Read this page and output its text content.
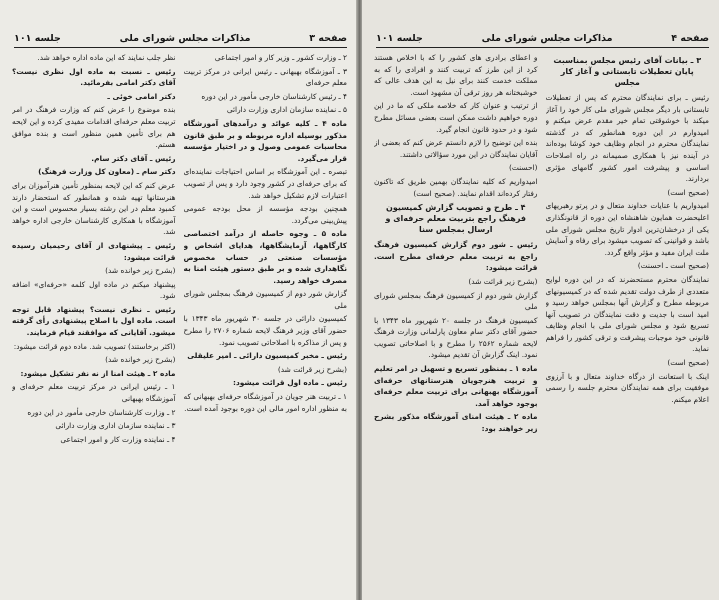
صفحه ۳
مذاکرات مجلس شورای ملی
جلسه ۱۰۱

۲ ـ وزارت کشور ـ وزیر کار و امور اجتماعی

۳ ـ آموزشگاه بهبهانی ـ رئیس ایرانی در مرکز تربیت معلم حرفه‌ای

۴ ـ رئیس کارشناسان خارجی مأمور در این دوره

۵ ـ نماینده سازمان اداری وزارت دارائی

ماده ۴ ـ کلیه عوائد و درآمدهای آموزشگاه مذکور بوسیله اداره مربوطه و بر طبق قانون محاسبات عمومی وصول و در اختیار مؤسسه قرار می‌گیرد.

تبصره ـ این آموزشگاه بر اساس احتیاجات نماینده‌ای که برای حرفه‌ای در کشور وجود دارد و پس از تصویب اعتبارات لازم تشکیل خواهد شد.

همچنین بودجه مؤسسه از محل بودجه عمومی پیش‌بینی می‌گردد.

ماده ۵ ـ وجوه حاصله از درآمد اختصاصی کارگاهها، آزمایشگاهها، هدایای اشخاص و مؤسسات صنعتی در حساب مخصوص نگاهداری شده و بر طبق دستور هیئت امنا به مصرف خواهد رسید.

گزارش شور دوم از کمیسیون فرهنگ بمجلس شورای ملی

کمیسیون دارائی در جلسه ۳۰ شهریور ماه ۱۳۴۳ با حضور آقای وزیر فرهنگ لایحه شماره ۲۷۰۶ را مطرح و پس از مذاکره با اصلاحاتی تصویب نمود.

رئیس ـ مخبر کمیسیون دارائی ـ امیر علیقلی

(بشرح زیر قرائت شد)

رئیس ـ ماده اول قرائت میشود:

۱ ـ تربیت هنر جویان در آموزشگاه حرفه‌ای بهبهانی که به منظور اداره امور مالی این دوره بوجود آمده است.

نظر جلب نمایند که این ماده اداره خواهد شد.

رئیس ـ نسبت به ماده اول نظری نیست؟ آقای دکتر امامی بفرمائید.

دکتر امامی خوئی ـ

بنده موضوع را عرض کنم که وزارت فرهنگ در امر تربیت معلم حرفه‌ای اقدامات مفیدی کرده و این لایحه هم برای تأمین همین منظور است و بنده موافق هستم.

رئیس ـ آقای دکتر سام.

دکتر سام ـ (معاون کل وزارت فرهنگ)

عرض کنم که این لایحه بمنظور تأمین هنرآموزان برای هنرستانها تهیه شده و همانطور که استحضار دارند کمبود معلم در این رشته بسیار محسوس است و این آموزشگاه با همکاری کارشناسان خارجی اداره خواهد شد.

رئیس ـ پیشنهادی از آقای رحیمیان رسیده قرائت میشود:

(بشرح زیر خوانده شد)

پیشنهاد میکنم در ماده اول کلمه «حرفه‌ای» اضافه شود.

رئیس ـ نظری نیست؟ پیشنهاد قابل توجه است. ماده اول با اصلاح پیشنهادی رأی گرفته میشود. آقایانی که موافقند قیام فرمایند.

(اکثر برخاستند) تصویب شد. ماده دوم قرائت میشود:

(بشرح زیر خوانده شد)

ماده ۲ ـ هیئت امنا از نه نفر تشکیل میشود:

۱ ـ رئیس ایرانی در مرکز تربیت معلم حرفه‌ای و آموزشگاه بهبهانی

۲ ـ وزارت کارشناسان خارجی مأمور در این دوره

۳ ـ نماینده سازمان اداری وزارت دارائی

۴ ـ نماینده وزارت کار و امور اجتماعی

صفحه ۴
مذاکرات مجلس شورای ملی
جلسه ۱۰۱

۳ ـ بیانات آقای رئیس مجلس بمناسبت پایان تعطیلات تابستانی و آغاز کار مجلس

رئیس ـ برای نمایندگان محترم که پس از تعطیلات تابستانی بار دیگر مجلس شورای ملی کار خود را آغاز میکند با خوشوقتی تمام خیر مقدم عرض میکنم و امیدوارم در این دوره همانطور که در گذشته نمایندگان محترم در انجام وظایف خود کوشا بوده‌اند در آینده نیز با همکاری صمیمانه در راه اصلاحات اساسی و پیشرفت امور کشور گامهای مؤثری بردارند.

(صحیح است)

امیدواریم با عنایات خداوند متعال و در پرتو رهبریهای اعلیحضرت همایون شاهنشاه این دوره از قانونگذاری یکی از درخشان‌ترین ادوار تاریخ مجلس شورای ملی باشد و قوانینی که تصویب میشود برای رفاه و آسایش ملت ایران مفید و مؤثر واقع گردد.

(صحیح است ـ احسنت)

نمایندگان محترم مستحضرند که در این دوره لوایح متعددی از طرف دولت تقدیم شده که در کمیسیونهای مربوطه مطرح و گزارش آنها بمجلس خواهد رسید و امید است با جدیت و دقت نمایندگان در تصویب آنها تسریع شود و مجلس شورای ملی با انجام وظایف قانونی خود موجبات پیشرفت و ترقی کشور را فراهم نماید.

(صحیح است)

اینک با استعانت از درگاه خداوند متعال و با آرزوی موفقیت برای همه نمایندگان محترم جلسه را رسمی اعلام میکنم.

و اعطای برادری های کشور را که با اخلاص هستند کرد از این طرز که تربیت کنند و افرادی را که به مملکت خدمت کنند برای نیل به این هدف عالی که خوشبختانه هر روز ترقی آن مشهود است.

از ترتیب و عنوان کار که خلاصه ملکی که ما در این دوره خواهیم داشت ممکن است بعضی مسائل مطرح شود و در حدود قانون انجام گیرد.

بنده این توضیح را لازم دانستم عرض کنم که بعضی از آقایان نمایندگان در این مورد سؤالاتی داشتند.

(احسنت)

امیدواریم که کلیه نمایندگان بهمین طریق که تاکنون رفتار کرده‌اند اقدام نمایند. (صحیح است)

۴ ـ طرح و تصویب گزارش کمیسیون فرهنگ راجع بتربیت معلم حرفه‌ای و ارسال بمجلس سنا

رئیس ـ شور دوم گزارش کمیسیون فرهنگ راجع به تربیت معلم حرفه‌ای مطرح است. قرائت میشود:

(بشرح زیر قرائت شد)

گزارش شور دوم از کمیسیون فرهنگ بمجلس شورای ملی

کمیسیون فرهنگ در جلسه ۲۰ شهریور ماه ۱۳۴۳ با حضور آقای دکتر سام معاون پارلمانی وزارت فرهنگ لایحه شماره ۲۵۶۲ را مطرح و با اصلاحاتی تصویب نمود. اینک گزارش آن تقدیم میشود.

ماده ۱ ـ بمنظور تسریع و تسهیل در امر تعلیم و تربیت هنرجویان هنرستانهای حرفه‌ای آموزشگاه بهبهانی برای تربیت معلم حرفه‌ای بوجود خواهد آمد.

ماده ۲ ـ هیئت امنای آموزشگاه مذکور بشرح زیر خواهند بود:
